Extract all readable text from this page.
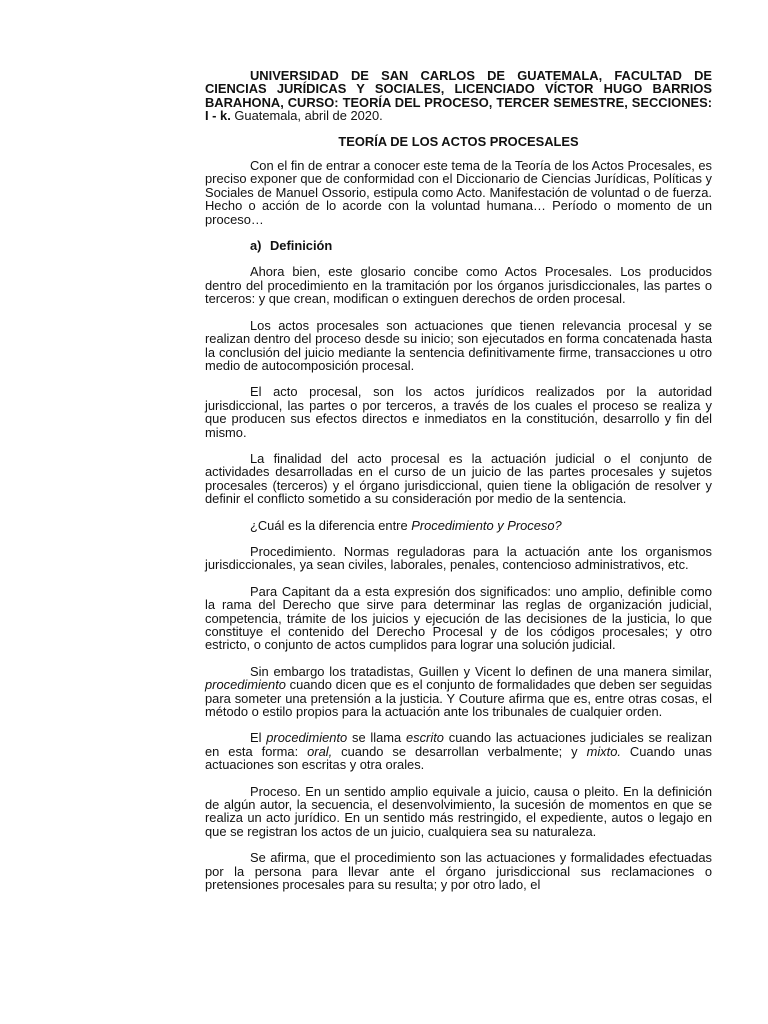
UNIVERSIDAD DE SAN CARLOS DE GUATEMALA, FACULTAD DE CIENCIAS JURÍDICAS Y SOCIALES, LICENCIADO VÍCTOR HUGO BARRIOS BARAHONA, CURSO: TEORÍA DEL PROCESO, TERCER SEMESTRE, SECCIONES: I - k. Guatemala, abril de 2020.

TEORÍA DE LOS ACTOS PROCESALES

Con el fin de entrar a conocer este tema de la Teoría de los Actos Procesales, es preciso exponer que de conformidad con el Diccionario de Ciencias Jurídicas, Políticas y Sociales de Manuel Ossorio, estipula como Acto. Manifestación de voluntad o de fuerza. Hecho o acción de lo acorde con la voluntad humana… Período o momento de un proceso…

a) Definición

Ahora bien, este glosario concibe como Actos Procesales. Los producidos dentro del procedimiento en la tramitación por los órganos jurisdiccionales, las partes o terceros: y que crean, modifican o extinguen derechos de orden procesal.

Los actos procesales son actuaciones que tienen relevancia procesal y se realizan dentro del proceso desde su inicio; son ejecutados en forma concatenada hasta la conclusión del juicio mediante la sentencia definitivamente firme, transacciones u otro medio de autocomposición procesal.

El acto procesal, son los actos jurídicos realizados por la autoridad jurisdiccional, las partes o por terceros, a través de los cuales el proceso se realiza y que producen sus efectos directos e inmediatos en la constitución, desarrollo y fin del mismo.

La finalidad del acto procesal es la actuación judicial o el conjunto de actividades desarrolladas en el curso de un juicio de las partes procesales y sujetos procesales (terceros) y el órgano jurisdiccional, quien tiene la obligación de resolver y definir el conflicto sometido a su consideración por medio de la sentencia.

¿Cuál es la diferencia entre Procedimiento y Proceso?

Procedimiento. Normas reguladoras para la actuación ante los organismos jurisdiccionales, ya sean civiles, laborales, penales, contencioso administrativos, etc.

Para Capitant da a esta expresión dos significados: uno amplio, definible como la rama del Derecho que sirve para determinar las reglas de organización judicial, competencia, trámite de los juicios y ejecución de las decisiones de la justicia, lo que constituye el contenido del Derecho Procesal y de los códigos procesales; y otro estricto, o conjunto de actos cumplidos para lograr una solución judicial.

Sin embargo los tratadistas, Guillen y Vicent lo definen de una manera similar, procedimiento cuando dicen que es el conjunto de formalidades que deben ser seguidas para someter una pretensión a la justicia. Y Couture afirma que es, entre otras cosas, el método o estilo propios para la actuación ante los tribunales de cualquier orden.

El procedimiento se llama escrito cuando las actuaciones judiciales se realizan en esta forma: oral, cuando se desarrollan verbalmente; y mixto. Cuando unas actuaciones son escritas y otra orales.

Proceso. En un sentido amplio equivale a juicio, causa o pleito. En la definición de algún autor, la secuencia, el desenvolvimiento, la sucesión de momentos en que se realiza un acto jurídico. En un sentido más restringido, el expediente, autos o legajo en que se registran los actos de un juicio, cualquiera sea su naturaleza.

Se afirma, que el procedimiento son las actuaciones y formalidades efectuadas por la persona para llevar ante el órgano jurisdiccional sus reclamaciones o pretensiones procesales para su resulta; y por otro lado, el
